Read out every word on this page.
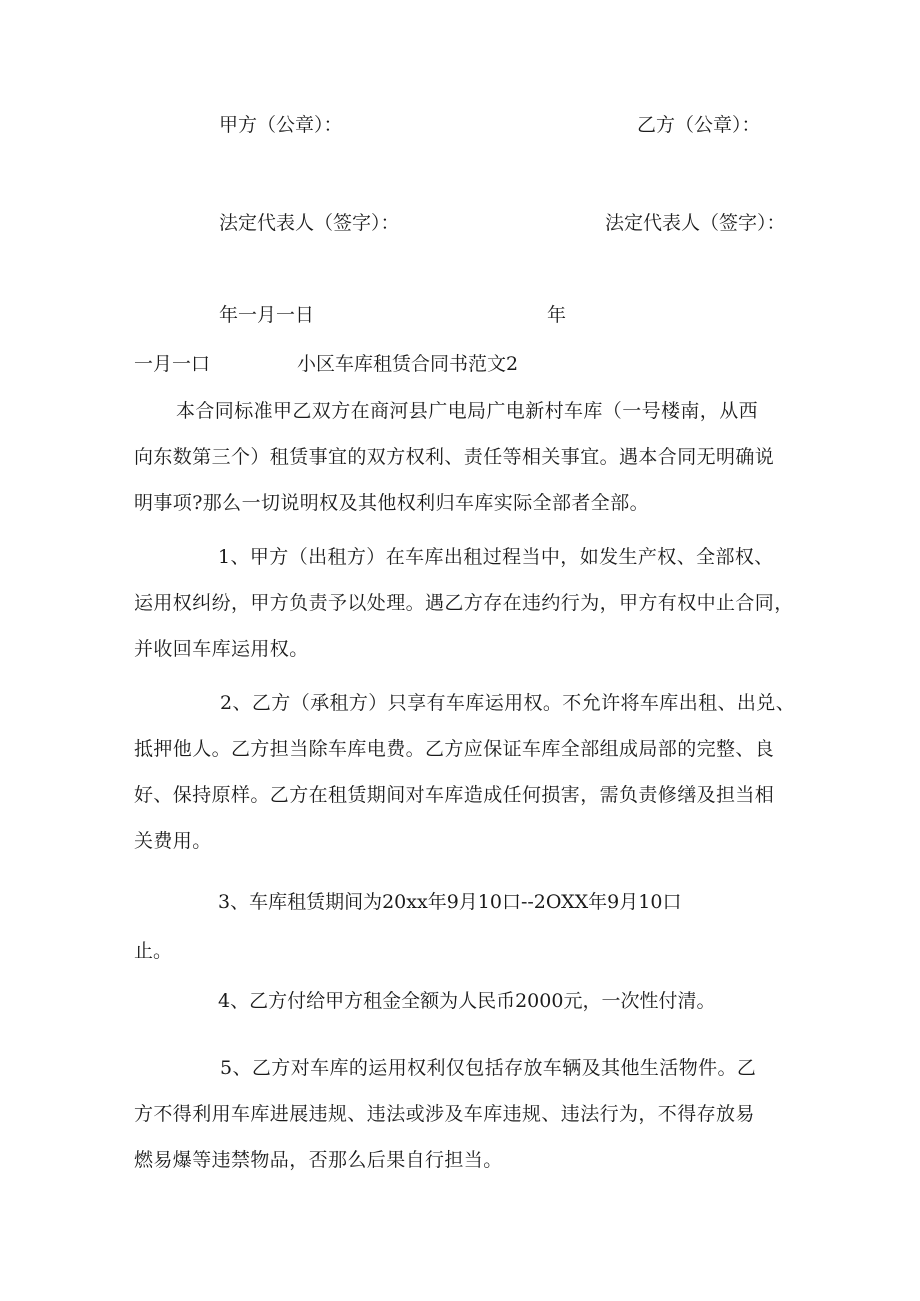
甲方（公章）：	乙方（公章）：

法定代表人（签字）：	法定代表人（签字）：

年一月一日	年

一月一口	小区车库租赁合同书范文2

本合同标准甲乙双方在商河县广电局广电新村车库（一号楼南，从西
向东数第三个）租赁事宜的双方权利、责任等相关事宜。遇本合同无明确说
明事项?那么一切说明权及其他权利归车库实际全部者全部。
1、甲方（出租方）在车库出租过程当中，如发生产权、全部权、
运用权纠纷，甲方负责予以处理。遇乙方存在违约行为，甲方有权中止合同，
并收回车库运用权。
2、乙方（承租方）只享有车库运用权。不允许将车库出租、出兑、
抵押他人。乙方担当除车库电费。乙方应保证车库全部组成局部的完整、良
好、保持原样。乙方在租赁期间对车库造成任何损害，需负责修缮及担当相
关费用。

3、车库租赁期间为20xx年9月10口--2OXX年9月10口

止。

4、乙方付给甲方租金全额为人民币2000元，一次性付清。

5、乙方对车库的运用权利仅包括存放车辆及其他生活物件。乙
方不得利用车库进展违规、违法或涉及车库违规、违法行为，不得存放易
燃易爆等违禁物品，否那么后果自行担当。
